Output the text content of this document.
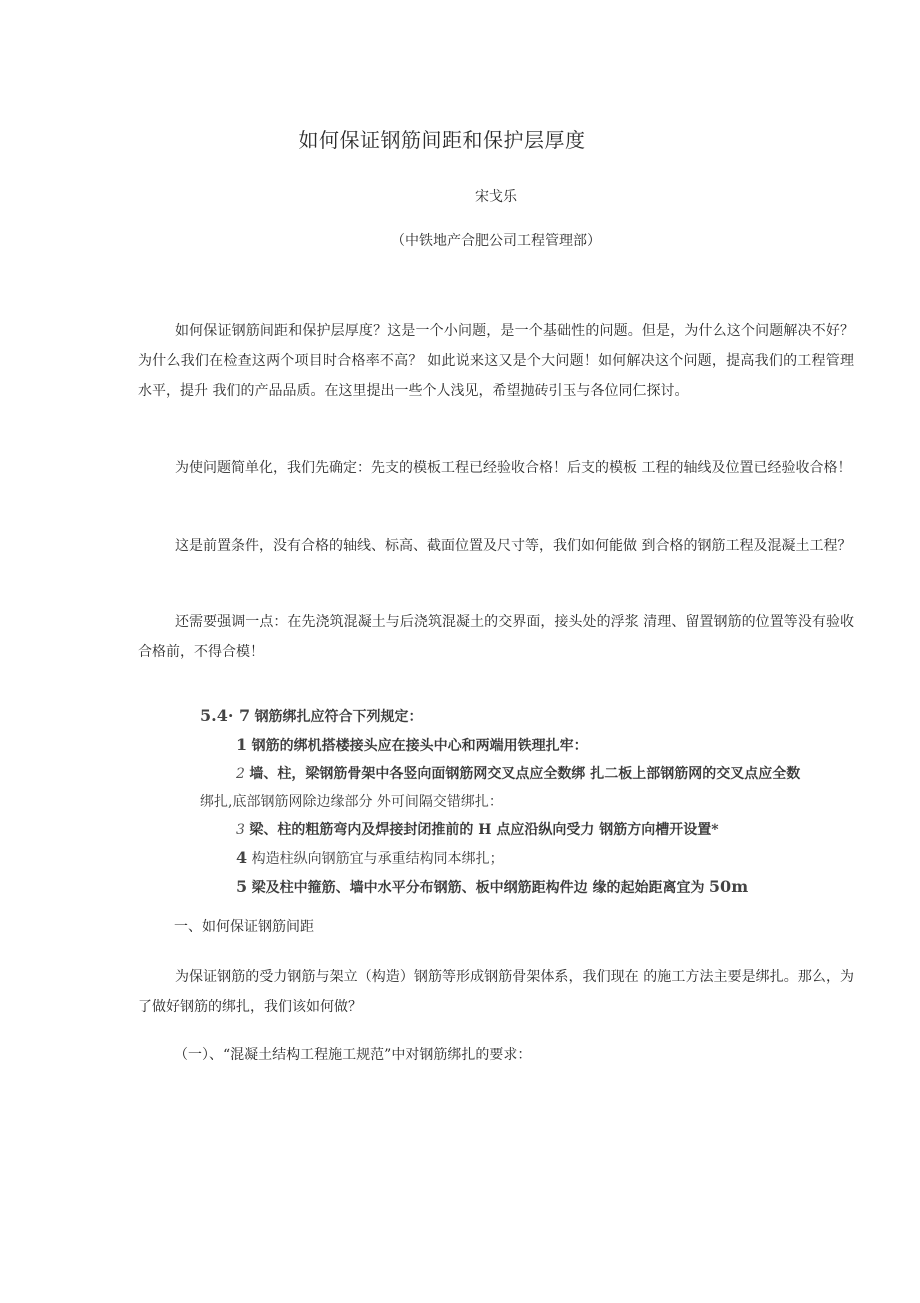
如何保证钢筋间距和保护层厚度
宋戈乐
（中铁地产合肥公司工程管理部）
如何保证钢筋间距和保护层厚度？这是一个小问题，是一个基础性的问题。但是，为什么这个问题解决不好？为什么我们在检查这两个项目时合格率不高？ 如此说来这又是个大问题！如何解决这个问题，提高我们的工程管理水平，提升 我们的产品品质。在这里提出一些个人浅见，希望抛砖引玉与各位同仁探讨。
为使问题简单化，我们先确定：先支的模板工程已经验收合格！后支的模板 工程的轴线及位置已经验收合格！
这是前置条件，没有合格的轴线、标高、截面位置及尺寸等，我们如何能做 到合格的钢筋工程及混凝土工程？
还需要强调一点：在先浇筑混凝土与后浇筑混凝土的交界面，接头处的浮浆 清理、留置钢筋的位置等没有验收合格前，不得合模！
5.4· 7 钢筋绑扎应符合下列规定：
1 钢筋的绑机搭楼接头应在接头中心和两端用铁理扎牢：
2 墙、柱，梁钢筋骨架中各竖向面钢筋网交叉点应全数绑 扎二板上部钢筋网的交叉点应全数
绑扎,底部钢筋网除边缘部分 外可间隔交错绑扎：
3 梁、柱的粗筋弯内及焊接封闭推前的 H 点应沿纵向受力 钢筋方向槽开设置*
4 构造柱纵向钢筋宜与承重结构同本绑扎；
5 梁及柱中箍筋、墙中水平分布钢筋、板中纲筋距构件边 缘的起始距离宜为 50m
一、如何保证钢筋间距
为保证钢筋的受力钢筋与架立（构造）钢筋等形成钢筋骨架体系，我们现在 的施工方法主要是绑扎。那么，为了做好钢筋的绑扎，我们该如何做？
（一）、“混凝土结构工程施工规范”中对钢筋绑扎的要求：
